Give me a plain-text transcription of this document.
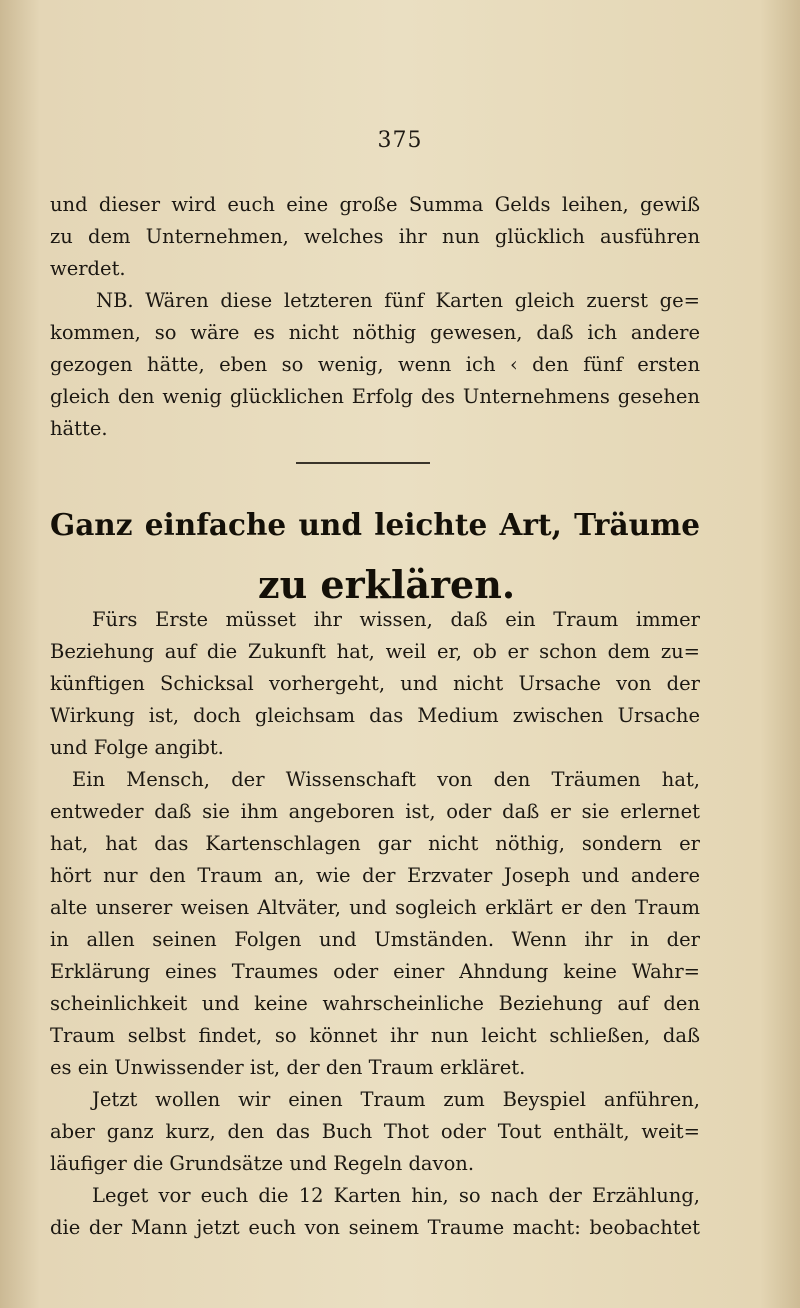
375
und dieser wird euch eine große Summa Gelds leihen, gewiß
zu dem Unternehmen, welches ihr nun glücklich ausführen
werdet.
NB. Wären diese letzteren fünf Karten gleich zuerst ge=
kommen, so wäre es nicht nöthig gewesen, daß ich andere
gezogen hätte, eben so wenig, wenn ich ‹ den fünf ersten
gleich den wenig glücklichen Erfolg des Unternehmens gesehen
hätte.
Ganz einfache und leichte Art, Träume
zu erklären.
Fürs Erste müsset ihr wissen, daß ein Traum immer
Beziehung auf die Zukunft hat, weil er, ob er schon dem zu=
künftigen Schicksal vorhergeht, und nicht Ursache von der
Wirkung ist, doch gleichsam das Medium zwischen Ursache
und Folge angibt.
Ein Mensch, der Wissenschaft von den Träumen hat,
entweder daß sie ihm angeboren ist, oder daß er sie erlernet
hat, hat das Kartenschlagen gar nicht nöthig, sondern er
hört nur den Traum an, wie der Erzvater Joseph und andere
alte unserer weisen Altväter, und sogleich erklärt er den Traum
in allen seinen Folgen und Umständen. Wenn ihr in der
Erklärung eines Traumes oder einer Ahndung keine Wahr=
scheinlichkeit und keine wahrscheinliche Beziehung auf den
Traum selbst findet, so könnet ihr nun leicht schließen, daß
es ein Unwissender ist, der den Traum erkläret.
Jetzt wollen wir einen Traum zum Beyspiel anführen,
aber ganz kurz, den das Buch Thot oder Tout enthält, weit=
läufiger die Grundsätze und Regeln davon.
Leget vor euch die 12 Karten hin, so nach der Erzählung,
die der Mann jetzt euch von seinem Traume macht: beobachtet
